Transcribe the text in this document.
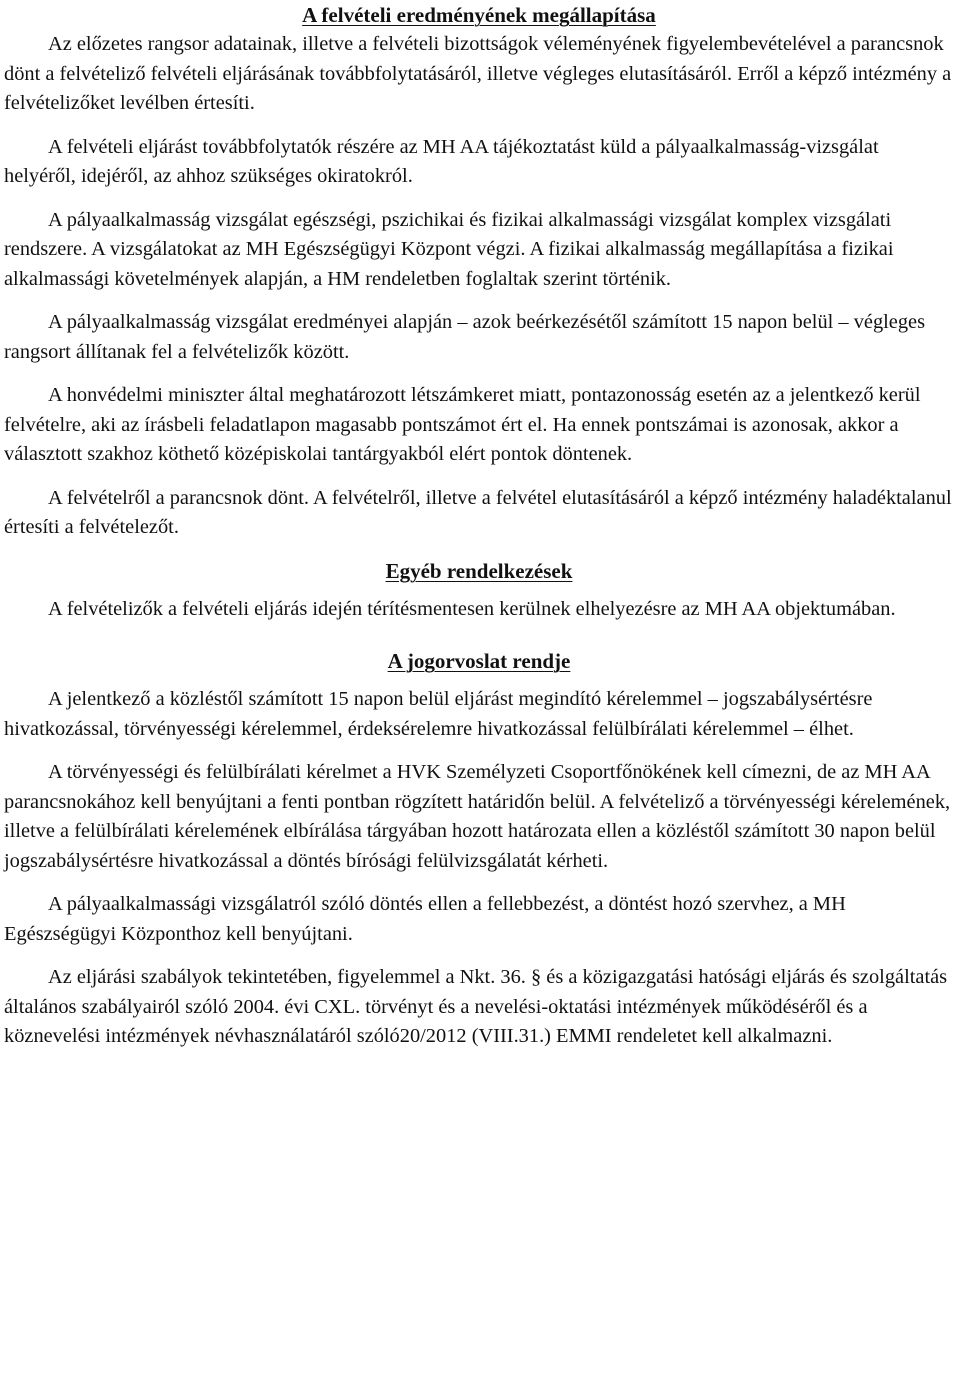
A felvételi eredményének megállapítása

Az előzetes rangsor adatainak, illetve a felvételi bizottságok véleményének figyelembevételével a parancsnok dönt a felvételiző felvételi eljárásának továbbfolytatásáról, illetve végleges elutasításáról. Erről a képző intézmény a felvételizőket levélben értesíti.

A felvételi eljárást továbbfolytatók részére az MH AA tájékoztatást küld a pályaalkalmasság-vizsgálat helyéről, idejéről, az ahhoz szükséges okiratokról.

A pályaalkalmasság vizsgálat egészségi, pszichikai és fizikai alkalmassági vizsgálat komplex vizsgálati rendszere. A vizsgálatokat az MH Egészségügyi Központ végzi. A fizikai alkalmasság megállapítása a fizikai alkalmassági követelmények alapján, a HM rendeletben foglaltak szerint történik.

A pályaalkalmasság vizsgálat eredményei alapján – azok beérkezésétől számított 15 napon belül – végleges rangsort állítanak fel a felvételizők között.

A honvédelmi miniszter által meghatározott létszámkeret miatt, pontazonosság esetén az a jelentkező kerül felvételre, aki az írásbeli feladatlapon magasabb pontszámot ért el. Ha ennek pontszámai is azonosak, akkor a választott szakhoz köthető középiskolai tantárgyakból elért pontok döntenek.

A felvételről a parancsnok dönt. A felvételről, illetve a felvétel elutasításáról a képző intézmény haladéktalanul értesíti a felvételezőt.

Egyéb rendelkezések

A felvételizők a felvételi eljárás idején térítésmentesen kerülnek elhelyezésre az MH AA objektumában.

A jogorvoslat rendje

A jelentkező a közléstől számított 15 napon belül eljárást megindító kérelemmel – jogszabálysértésre hivatkozással, törvényességi kérelemmel, érdeksérelemre hivatkozással felülbírálati kérelemmel – élhet.

A törvényességi és felülbírálati kérelmet a HVK Személyzeti Csoportfőnökének kell címezni, de az MH AA parancsnokához kell benyújtani a fenti pontban rögzített határidőn belül. A felvételiző a törvényességi kérelemének, illetve a felülbírálati kérelemének elbírálása tárgyában hozott határozata ellen a közléstől számított 30 napon belül jogszabálysértésre hivatkozással a döntés bírósági felülvizsgálatát kérheti.

A pályaalkalmassági vizsgálatról szóló döntés ellen a fellebbezést, a döntést hozó szervhez, a MH Egészségügyi Központhoz kell benyújtani.

Az eljárási szabályok tekintetében, figyelemmel a Nkt. 36. § és a közigazgatási hatósági eljárás és szolgáltatás általános szabályairól szóló 2004. évi CXL. törvényt és a nevelési-oktatási intézmények működéséről és a köznevelési intézmények névhasználatáról szóló20/2012 (VIII.31.) EMMI rendeletet kell alkalmazni.
